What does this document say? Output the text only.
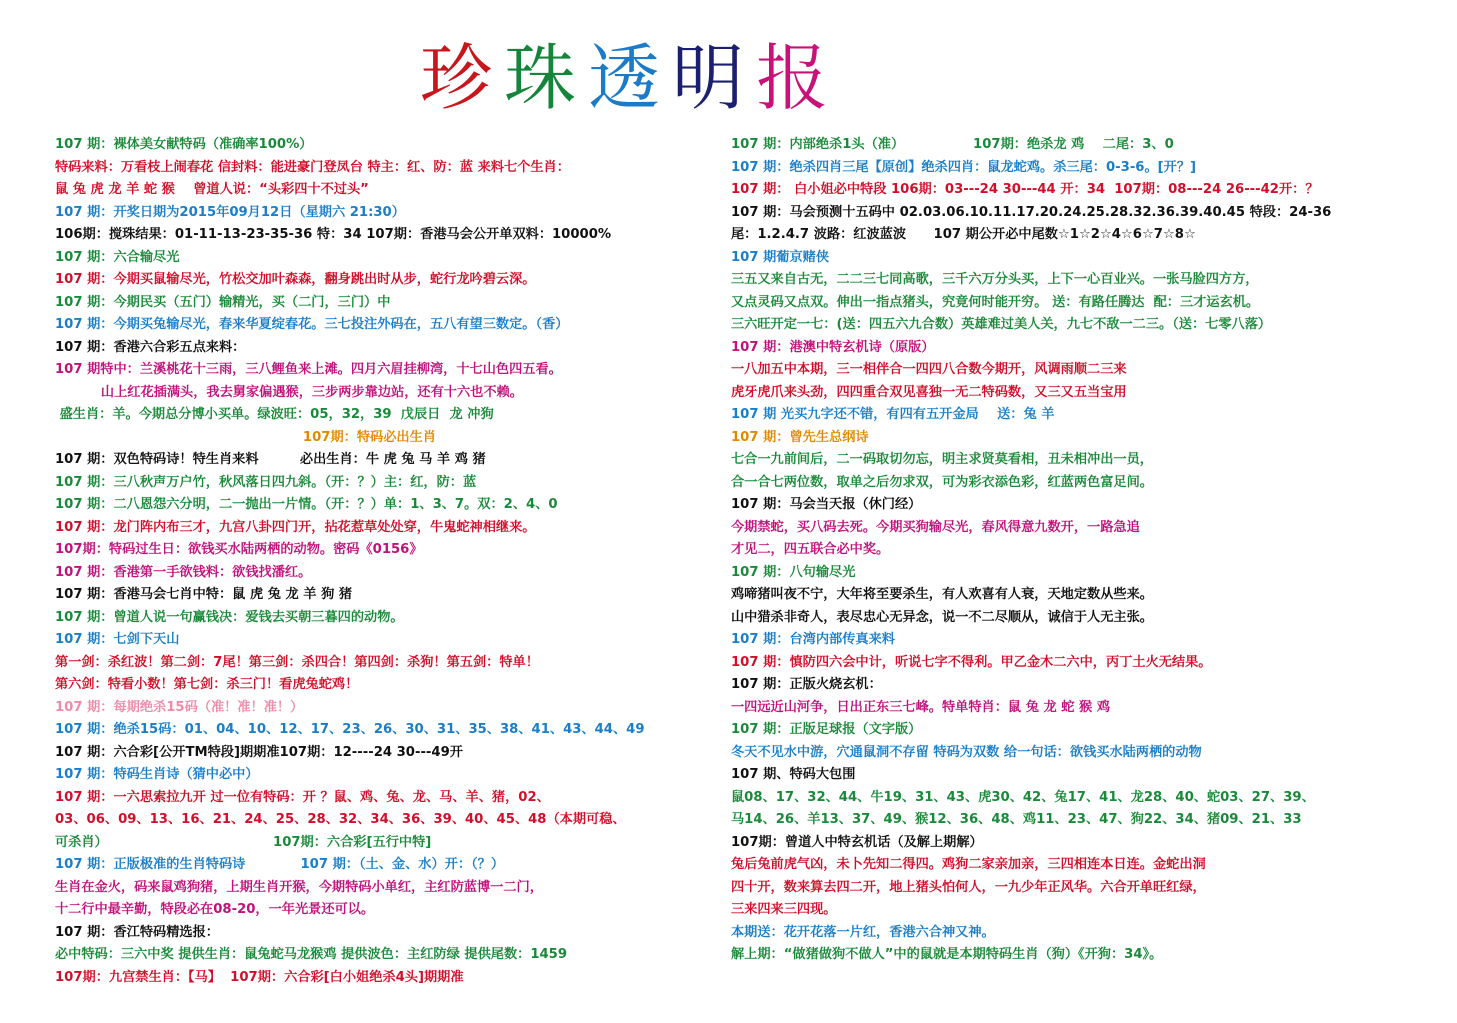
珍 珠 透 明 报
107 期：裸体美女献特码（准确率100%）
特码来料：万看枝上闹春花 信封料：能进豪门登凤台 特主：红、防：蓝 来料七个生肖：
鼠 兔 虎 龙 羊 蛇 猴    曾道人说：“头彩四十不过头”
107 期：开奖日期为2015年09月12日（星期六 21:30）
106期：搅珠结果：01-11-13-23-35-36 特：34 107期：香港马会公开单双料：10000%
107 期：六合输尽光
107 期：今期买鼠输尽光，竹松交加叶森森，翻身跳出时从步，蛇行龙吟碧云深。
107 期：今期民买（五门）输精光，买（二门，三门）中
107 期：今期买兔输尽光，春来华夏绽春花。三七投注外码在，五八有望三数定。（香）
107 期：香港六合彩五点来料：
107 期特中：兰溪桃花十三雨，三八鲤鱼来上滩。四月六眉挂柳湾，十七山色四五看。
山上红花插满头，我去舅家偏遇猴，三步两步靠边站，还有十六也不赖。
盛生肖：羊。今期总分博小买单。绿波旺：05，32，39  戊辰日  龙 冲狗
107期：特码必出生肖
107 期：双色特码诗！特生肖来料         必出生肖：牛 虎 兔 马 羊 鸡 猪
107 期：三八秋声万户竹，秋风落日四九斜。（开：？）主：红，防：蓝
107 期：二八恩怨六分明，二一抛出一片情。（开：？）单：1、3、7。双：2、4、0
107 期：龙门阵内布三才，九宫八卦四门开，拈花惹草处处穿，牛鬼蛇神相继来。
107期：特码过生日：欲钱买水陆两栖的动物。密码《0156》
107 期：香港第一手欲钱料：欲钱找潘红。
107 期：香港马会七肖中特：鼠 虎 兔 龙 羊 狗 猪
107 期：曾道人说一句赢钱决：爱钱去买朝三暮四的动物。
107 期：七剑下天山
第一剑：杀红波！第二剑：7尾！第三剑：杀四合！第四剑：杀狗！第五剑：特单！
第六剑：特看小数！第七剑：杀三门！看虎兔蛇鸡！
107 期：每期绝杀15码（准！准！准！）
107 期：绝杀15码：01、04、10、12、17、23、26、30、31、35、38、41、43、44、49
107 期：六合彩[公开TM特段]期期准107期：12----24 30---49开
107 期：特码生肖诗（猜中必中）
107 期：一六思索拉九开 过一位有特码：开 ？鼠、鸡、兔、龙、马、羊、猪，02、
03、06、09、13、16、21、24、25、28、32、34、36、39、40、45、48（本期可稳、
可杀肖）                                    107期：六合彩[五行中特]
107 期：正版极准的生肖特码诗            107 期：（土、金、水）开：（？）
生肖在金火，码来鼠鸡狗猪，上期生肖开猴，今期特码小单红，主红防蓝博一二门，
十二行中最辛勤，特段必在08-20，一年光景还可以。
107 期：香江特码精选报：
必中特码：三六中奖 提供生肖：鼠兔蛇马龙猴鸡 提供波色：主红防绿 提供尾数：1459
107期：九宫禁生肖：【马】  107期：六合彩[白小姐绝杀4头]期期准
107 期：内部绝杀1头（准）               107期：绝杀龙 鸡    二尾：3、0
107 期：绝杀四肖三尾【原创】绝杀四肖：鼠龙蛇鸡。杀三尾：0-3-6。[开？]
107 期： 白小姐必中特段 106期：03---24 30---44 开：34  107期：08---24 26---42开：？
107 期：马会预测十五码中 02.03.06.10.11.17.20.24.25.28.32.36.39.40.45 特段：24-36
尾：1.2.4.7 波路：红波蓝波      107 期公开必中尾数☆1☆2☆4☆6☆7☆8☆
107 期葡京赌侠
三五又来自古无，二二三七同高歌，三千六万分头买，上下一心百业兴。一张马脸四方方，
又点灵码又点双。伸出一指点猪头，究竟何时能开穷。 送：有路任腾达  配：三才运玄机。
三六旺开定一七：(送：四五六九合数）英雄难过美人关，九七不敌一二三。（送：七零八落）
107 期：港澳中特玄机诗（原版）
一八加五中本期，三一相伴合一四四八合数今期开，风调雨顺二三来
虎牙虎爪来头劲，四四重合双见喜独一无二特码数，又三又五当宝用
107 期 光买九字还不错，有四有五开金局    送：兔 羊
107 期：曾先生总纲诗
七合一九前间后，二一码取切勿忘，明主求贤莫看相，丑未相冲出一员，
合一合七两位数，取单之后勿求双，可为彩衣添色彩，红蓝两色富足间。
107 期：马会当天报（休门经）
今期禁蛇，买八码去死。今期买狗输尽光，春风得意九数开，一路急追
才见二，四五联合必中奖。
107 期：八句输尽光
鸡啼猪叫夜不宁，大年将至要杀生，有人欢喜有人衰，天地定数从些来。
山中猎杀非奇人，表尽忠心无异念，说一不二尽顺从，诚信于人无主张。
107 期：台湾内部传真来料
107 期：慎防四六会中计，听说七字不得利。甲乙金木二六中，丙丁土火无结果。
107 期：正版火烧玄机：
一四远近山河争，日出正东三七峰。特单特肖：鼠 兔 龙 蛇 猴 鸡
107 期：正版足球报（文字版）
冬天不见水中游，穴通鼠洞不存留 特码为双数 给一句话：欲钱买水陆两栖的动物
107 期、特码大包围
鼠08、17、32、44、牛19、31、43、虎30、42、兔17、41、龙28、40、蛇03、27、39、
马14、26、羊13、37、49、猴12、36、48、鸡11、23、47、狗22、34、猪09、21、33
107期：曾道人中特玄机话（及解上期解）
兔后兔前虎气凶，未卜先知二得四。鸡狗二家亲加亲，三四相连本日连。金蛇出洞
四十开，数来算去四二开，地上猪头怕何人，一九少年正风华。六合开单旺红绿，
三来四来三四现。
本期送：花开花落一片红，香港六合神又神。
解上期：“做猪做狗不做人”中的鼠就是本期特码生肖（狗）《开狗：34》。
